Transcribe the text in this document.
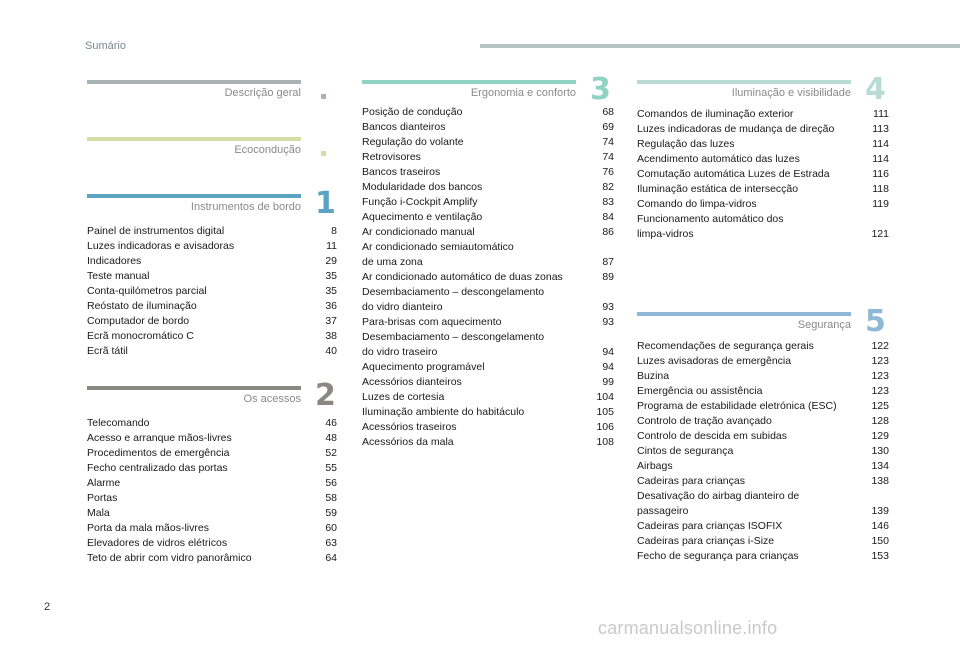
Sumário
Descrição geral
Ecocondução
Instrumentos de bordo 1
Painel de instrumentos digital	8
Luzes indicadoras e avisadoras	11
Indicadores	29
Teste manual	35
Conta-quilómetros parcial	35
Reóstato de iluminação	36
Computador de bordo	37
Ecrã monocromático C	38
Ecrã tátil	40
Os acessos 2
Telecomando	46
Acesso e arranque mãos-livres	48
Procedimentos de emergência	52
Fecho centralizado das portas	55
Alarme	56
Portas	58
Mala	59
Porta da mala mãos-livres	60
Elevadores de vidros elétricos	63
Teto de abrir com vidro panorâmico	64
Ergonomia e conforto 3
Posição de condução	68
Bancos dianteiros	69
Regulação do volante	74
Retrovisores	74
Bancos traseiros	76
Modularidade dos bancos	82
Função i-Cockpit Amplify	83
Aquecimento e ventilação	84
Ar condicionado manual	86
Ar condicionado semiautomático
de uma zona	87
Ar condicionado automático de duas zonas	89
Desembaciamento – descongelamento
do vidro dianteiro	93
Para-brisas com aquecimento	93
Desembaciamento – descongelamento
do vidro traseiro	94
Aquecimento programável	94
Acessórios dianteiros	99
Luzes de cortesia	104
Iluminação ambiente do habitáculo	105
Acessórios traseiros	106
Acessórios da mala	108
Iluminação e visibilidade 4
Comandos de iluminação exterior	111
Luzes indicadoras de mudança de direção	113
Regulação das luzes	114
Acendimento automático das luzes	114
Comutação automática Luzes de Estrada	116
Iluminação estática de intersecção	118
Comando do limpa-vidros	119
Funcionamento automático dos
limpa-vidros	121
Segurança 5
Recomendações de segurança gerais	122
Luzes avisadoras de emergência	123
Buzina	123
Emergência ou assistência	123
Programa de estabilidade eletrónica (ESC)	125
Controlo de tração avançado	128
Controlo de descida em subidas	129
Cintos de segurança	130
Airbags	134
Cadeiras para crianças	138
Desativação do airbag dianteiro de
passageiro	139
Cadeiras para crianças ISOFIX	146
Cadeiras para crianças i-Size	150
Fecho de segurança para crianças	153
2
carmanualsonline.info
